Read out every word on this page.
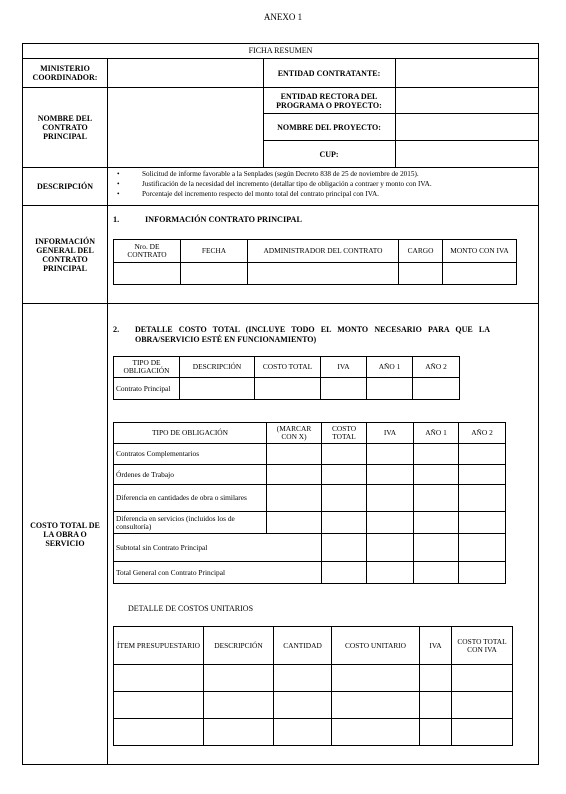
ANEXO 1
FICHA RESUMEN
MINISTERIO COORDINADOR:	ENTIDAD CONTRATANTE:
NOMBRE DEL CONTRATO PRINCIPAL
ENTIDAD RECTORA DEL PROGRAMA O PROYECTO:
NOMBRE DEL PROYECTO:
CUP:
DESCRIPCIÓN
• Solicitud de informe favorable a la Senplades (según Decreto 838 de 25 de noviembre de 2015).
• Justificación de la necesidad del incremento (detallar tipo de obligación a contraer y monto con IVA.
• Porcentaje del incremento respecto del monto total del contrato principal con IVA.
INFORMACIÓN GENERAL DEL CONTRATO PRINCIPAL
1.	INFORMACIÓN CONTRATO PRINCIPAL
Nro. DE CONTRATO	FECHA	ADMINISTRADOR DEL CONTRATO	CARGO	MONTO CON IVA

COSTO TOTAL DE LA OBRA O SERVICIO
2. DETALLE COSTO TOTAL (INCLUYE TODO EL MONTO NECESARIO PARA QUE LA OBRA/SERVICIO ESTÉ EN FUNCIONAMIENTO)
TIPO DE OBLIGACIÓN	DESCRIPCIÓN	COSTO TOTAL	IVA	AÑO 1	AÑO 2
Contrato Principal					
TIPO DE OBLIGACIÓN	(MARCAR CON X)	COSTO TOTAL	IVA	AÑO 1	AÑO 2
Contratos Complementarios					
Órdenes de Trabajo					
Diferencia en cantidades de obra o similares					
Diferencia en servicios (incluidos los de consultoría)					
Subtotal sin Contrato Principal					
Total General con Contrato Principal					
DETALLE DE COSTOS UNITARIOS
ÍTEM PRESUPUESTARIO	DESCRIPCIÓN	CANTIDAD	COSTO UNITARIO	IVA	COSTO TOTAL CON IVA
